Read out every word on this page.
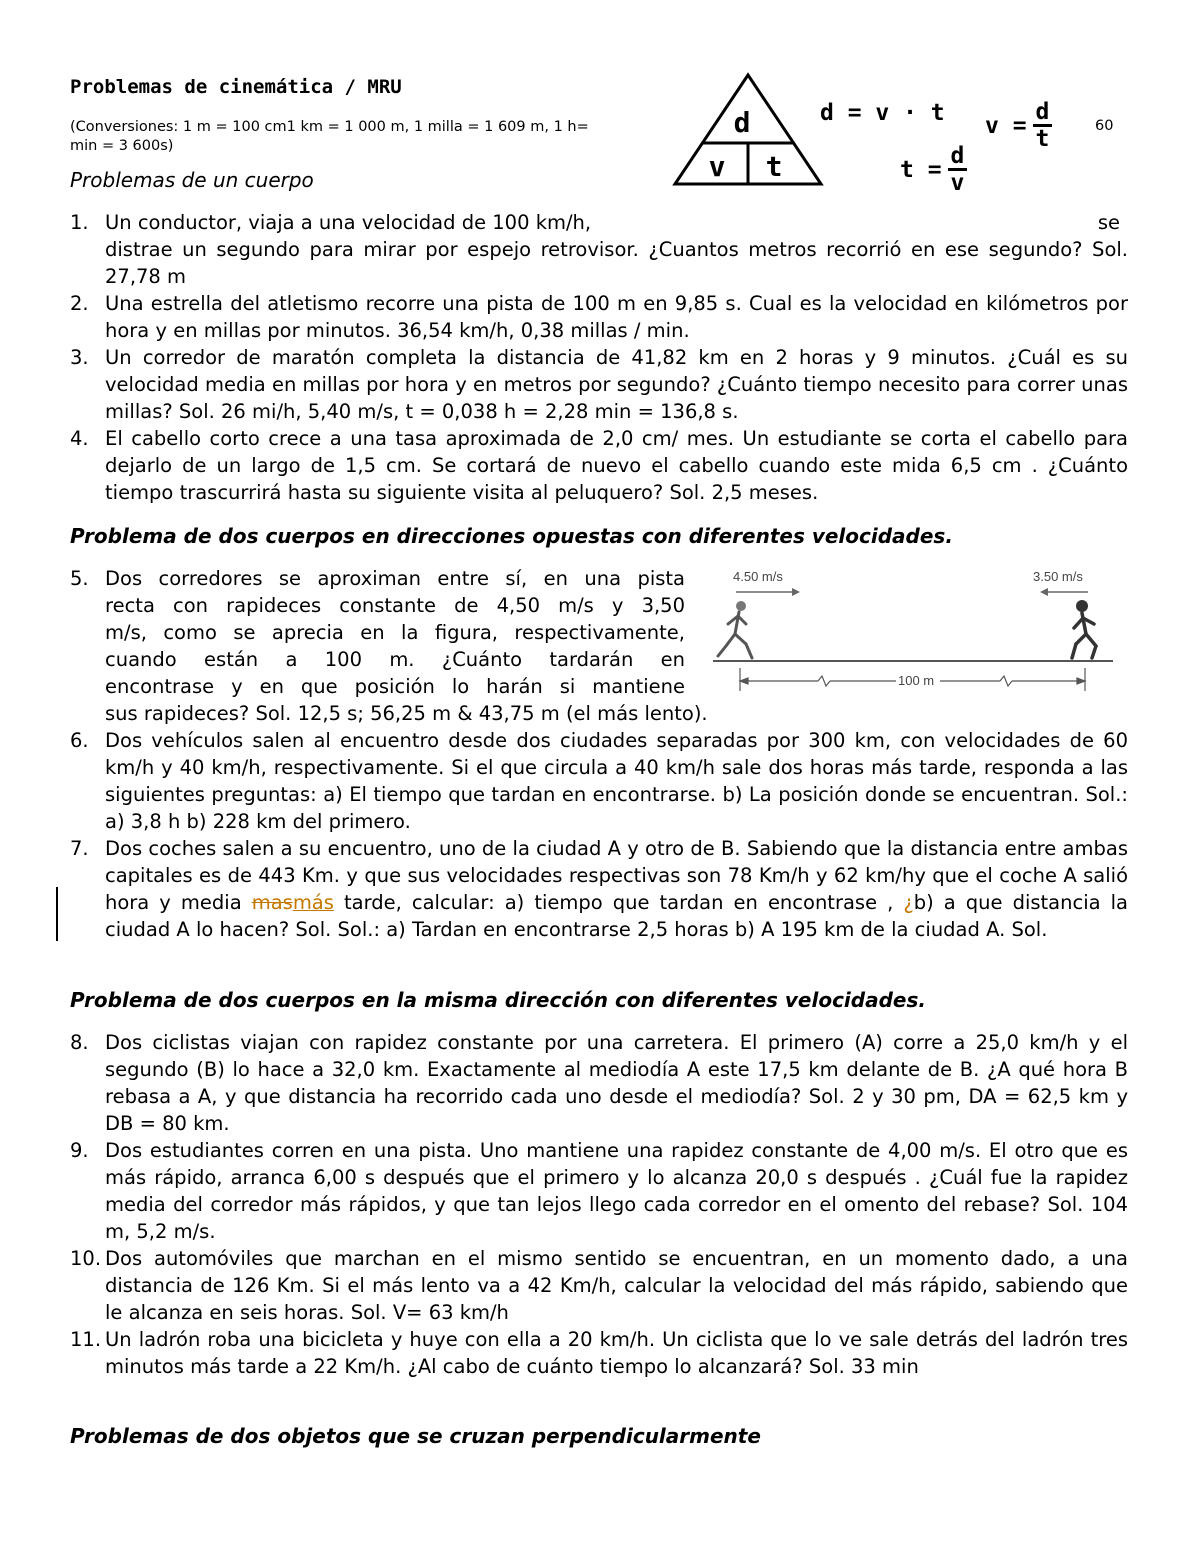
Problemas de cinemática / MRU
(Conversiones: 1 m = 100 cm1 km = 1 000 m, 1 milla = 1 609 m, 1 h=
min = 3 600s)
60
d
v t
d = v · t $v = \frac{d}{t}$
$t = \frac{d}{v}$
Problemas de un cuerpo
1. Un conductor, viaja a una velocidad de 100 km/h,	se
distrae un segundo para mirar por espejo retrovisor. ¿Cuantos metros recorrió en ese segundo? Sol. 27,78 m
2. Una estrella del atletismo recorre una pista de 100 m en 9,85 s. Cual es la velocidad en kilómetros por hora y en millas por minutos. 36,54 km/h, 0,38 millas / min.
3. Un corredor de maratón completa la distancia de 41,82 km en 2 horas y 9 minutos. ¿Cuál es su velocidad media en millas por hora y en metros por segundo? ¿Cuánto tiempo necesito para correr unas millas? Sol. 26 mi/h, 5,40 m/s, t = 0,038 h = 2,28 min = 136,8 s.
4. El cabello corto crece a una tasa aproximada de 2,0 cm/ mes. Un estudiante se corta el cabello para dejarlo de un largo de 1,5 cm. Se cortará de nuevo el cabello cuando este mida 6,5 cm . ¿Cuánto tiempo trascurrirá hasta su siguiente visita al peluquero? Sol. 2,5 meses.
Problema de dos cuerpos en direcciones opuestas con diferentes velocidades.
5. Dos corredores se aproximan entre sí, en una pista
recta con rapideces constante de 4,50 m/s y 3,50
m/s, como se aprecia en la figura, respectivamente,
cuando están a 100 m. ¿Cuánto tardarán en
encontrase y en que posición lo harán si mantiene
sus rapideces? Sol. 12,5 s; 56,25 m & 43,75 m (el más lento).
6. Dos vehículos salen al encuentro desde dos ciudades separadas por 300 km, con velocidades de 60 km/h y 40 km/h, respectivamente. Si el que circula a 40 km/h sale dos horas más tarde, responda a las siguientes preguntas: a) El tiempo que tardan en encontrarse. b) La posición donde se encuentran. Sol.: a) 3,8 h b) 228 km del primero.
7. Dos coches salen a su encuentro, uno de la ciudad A y otro de B. Sabiendo que la distancia entre ambas capitales es de 443 Km. y que sus velocidades respectivas son 78 Km/h y 62 km/hy que el coche A salió hora y media masmás tarde, calcular: a) tiempo que tardan en encontrase , ¿b) a que distancia la ciudad A lo hacen? Sol. Sol.: a) Tardan en encontrarse 2,5 horas b) A 195 km de la ciudad A. Sol.
4.50 m/s	3.50 m/s
100 m
Problema de dos cuerpos en la misma dirección con diferentes velocidades.
8. Dos ciclistas viajan con rapidez constante por una carretera. El primero (A) corre a 25,0 km/h y el segundo (B) lo hace a 32,0 km. Exactamente al mediodía A este 17,5 km delante de B. ¿A qué hora B rebasa a A, y que distancia ha recorrido cada uno desde el mediodía? Sol. 2 y 30 pm, DA = 62,5 km y DB = 80 km.
9. Dos estudiantes corren en una pista. Uno mantiene una rapidez constante de 4,00 m/s. El otro que es más rápido, arranca 6,00 s después que el primero y lo alcanza 20,0 s después . ¿Cuál fue la rapidez media del corredor más rápidos, y que tan lejos llego cada corredor en el omento del rebase? Sol. 104 m, 5,2 m/s.
10. Dos automóviles que marchan en el mismo sentido se encuentran, en un momento dado, a una distancia de 126 Km. Si el más lento va a 42 Km/h, calcular la velocidad del más rápido, sabiendo que le alcanza en seis horas. Sol. V= 63 km/h
11. Un ladrón roba una bicicleta y huye con ella a 20 km/h. Un ciclista que lo ve sale detrás del ladrón tres minutos más tarde a 22 Km/h. ¿Al cabo de cuánto tiempo lo alcanzará? Sol. 33 min
Problemas de dos objetos que se cruzan perpendicularmente
